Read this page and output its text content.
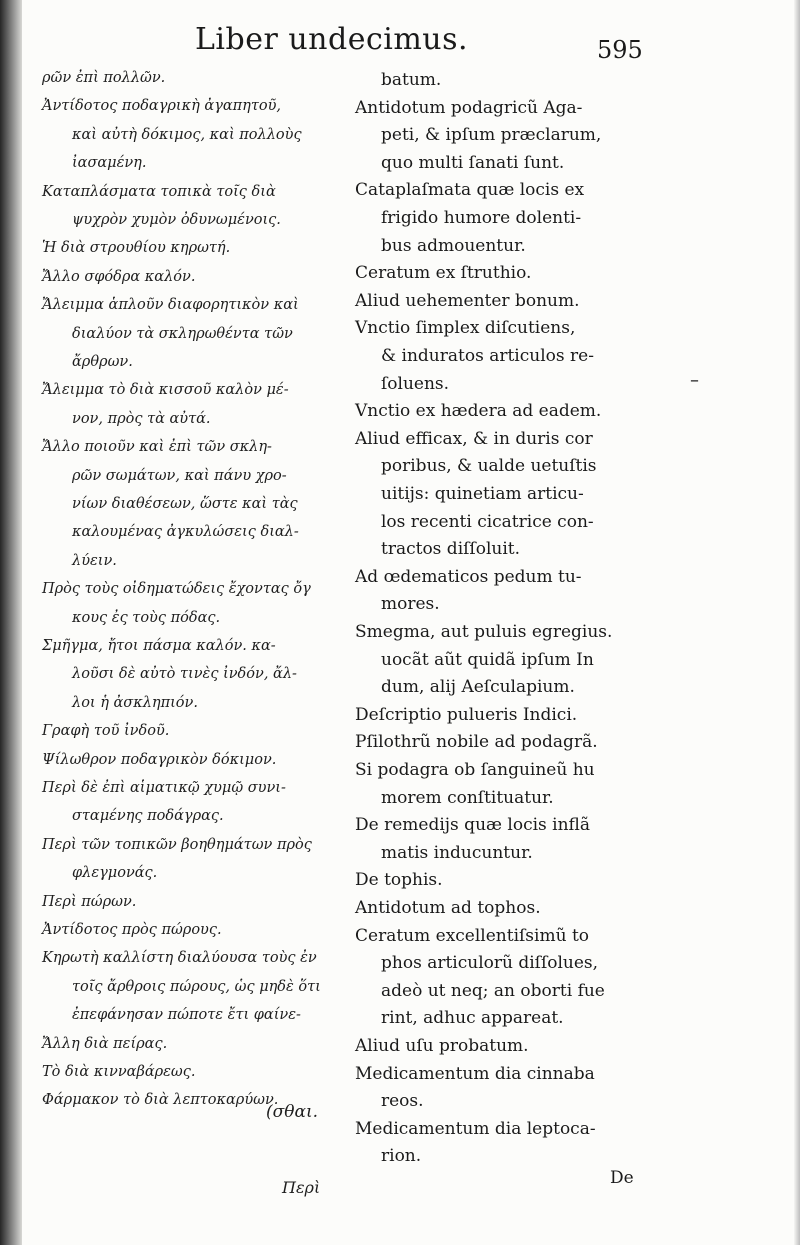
Liber undecimus.	595
ρῶν ἐπὶ πολλῶν.
Ἀντίδοτος ποδαγρικὴ ἀγαπητοῦ,
καὶ αὐτὴ δόκιμος, καὶ πολλοὺς
ἰασαμένη.
Καταπλάσματα τοπικὰ τοῖς διὰ
ψυχρὸν χυμὸν ὀδυνωμένοις.
Ἡ διὰ στρουθίου κηρωτή.
Ἄλλο σφόδρα καλόν.
Ἄλειμμα ἁπλοῦν διαφορητικὸν καὶ
διαλύον τὰ σκληρωθέντα τῶν
ἄρθρων.
Ἄλειμμα τὸ διὰ κισσοῦ καλὸν μέ-
νον, πρὸς τὰ αὐτά.
Ἄλλο ποιοῦν καὶ ἐπὶ τῶν σκλη-
ρῶν σωμάτων, καὶ πάνυ χρο-
νίων διαθέσεων, ὥστε καὶ τὰς
καλουμένας ἀγκυλώσεις διαλ-
λύειν.
Πρὸς τοὺς οἰδηματώδεις ἔχοντας ὄγ
κους ἐς τοὺς πόδας.
Σμῆγμα, ἤτοι πάσμα καλόν. κα-
λοῦσι δὲ αὐτὸ τινὲς ἰνδόν, ἄλ-
λοι ἡ ἀσκληπιόν.
Γραφὴ τοῦ ἰνδοῦ.
Ψίλωθρον ποδαγρικὸν δόκιμον.
Περὶ δὲ ἐπὶ αἱματικῷ χυμῷ συνι-
σταμένης ποδάγρας.
Περὶ τῶν τοπικῶν βοηθημάτων πρὸς
φλεγμονάς.
Περὶ πώρων.
Ἀντίδοτος πρὸς πώρους.
Κηρωτὴ καλλίστη διαλύουσα τοὺς ἐν
τοῖς ἄρθροις πώρους, ὡς μηδὲ ὅτι
ἐπεφάνησαν πώποτε ἔτι φαίνε-
Ἄλλη διὰ πείρας.
Τὸ διὰ κινναβάρεως.
Φάρμακον τὸ διὰ λεπτοκαρύων.
batum.
Antidotum podagricũ Aga-
peti, & ipſum præclarum,
quo multi ſanati ſunt.
Cataplaſmata quæ locis ex
frigido humore dolenti-
bus admouentur.
Ceratum ex ſtruthio.
Aliud uehementer bonum.
Vnctio ſimplex diſcutiens,
& induratos articulos re-
ſoluens.
Vnctio ex hædera ad eadem.
Aliud efficax, & in duris cor
poribus, & ualde uetuſtis
uitijs: quinetiam articu-
los recenti cicatrice con-
tractos diſſoluit.
Ad œdematicos pedum tu-
mores.
Smegma, aut puluis egregius.
uocãt aũt quidã ipſum In
dum, alij Aeſculapium.
Deſcriptio pulueris Indici.
Pſilothrũ nobile ad podagrã.
Si podagra ob ſanguineũ hu
morem conſtituatur.
De remedijs quæ locis inflã
matis inducuntur.
De tophis.
Antidotum ad tophos.
Ceratum excellentiſsimũ to
phos articulorũ diſſolues,
adeò ut neq; an oborti fue
rint, adhuc appareat.
Aliud uſu probatum.
Medicamentum dia cinnaba
reos.
Medicamentum dia leptoca-
rion.
(σθαι.
De
–
Περὶ
